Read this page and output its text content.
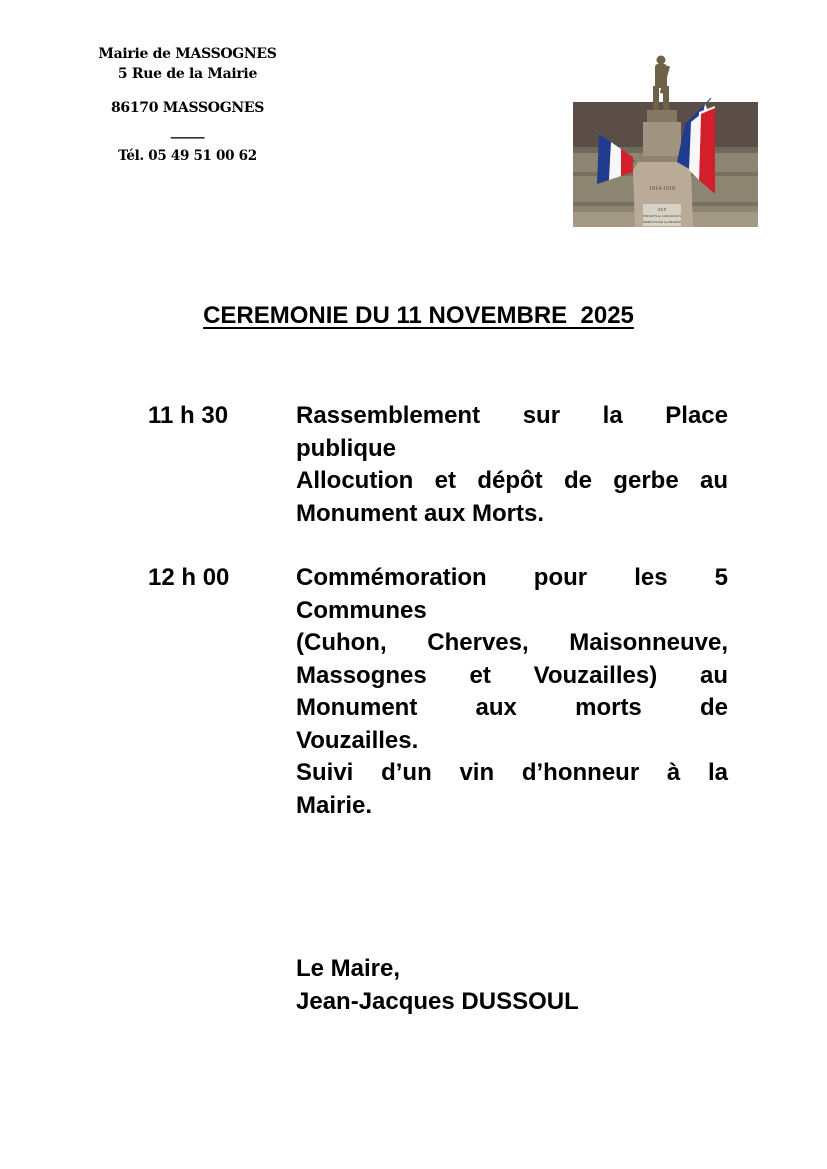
Mairie de MASSOGNES
5 Rue de la Mairie
86170 MASSOGNES
_____
Tél. 05 49 51 00 62
1914-1918
AUX
ENFANTS de LOUZAILLES
MORTS POUR LA FRANCE
CEREMONIE DU 11 NOVEMBRE  2025
11 h 30	Rassemblement sur la Place
publique
Allocution et dépôt de gerbe au
Monument aux Morts.
12 h 00	Commémoration pour les 5
Communes
(Cuhon, Cherves, Maisonneuve,
Massognes et Vouzailles) au
Monument aux morts de
Vouzailles.
Suivi d’un vin d’honneur à la
Mairie.
Le Maire,
Jean-Jacques DUSSOUL
